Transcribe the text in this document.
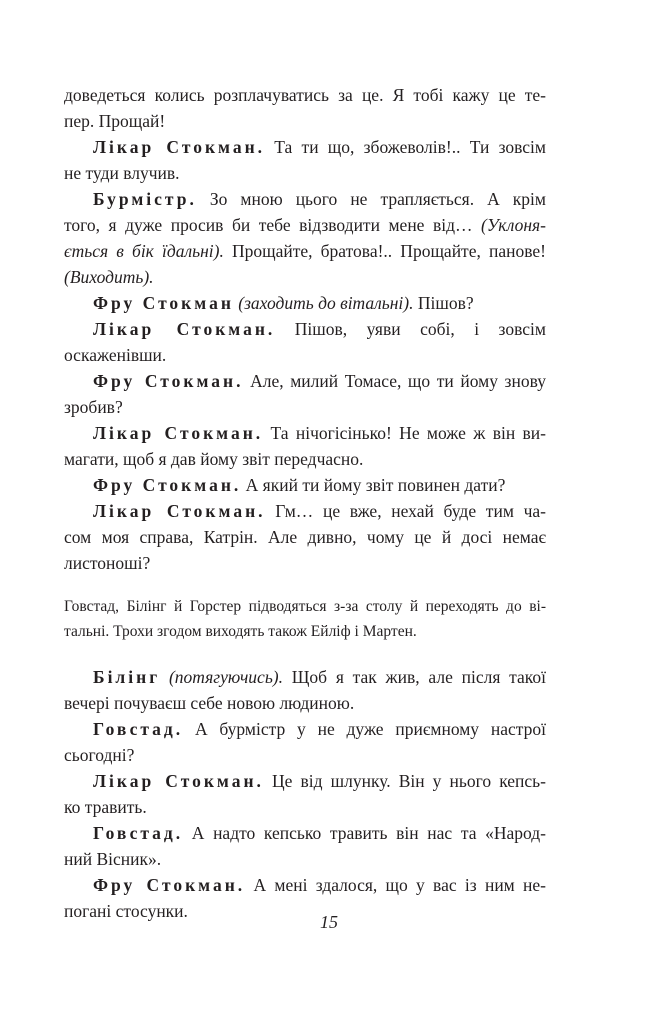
доведеться колись розплачуватись за це. Я тобі кажу це те-
пер. Прощай!
Лікар Стокман. Та ти що, збожеволів!.. Ти зовсім
не туди влучив.
Бурмістр. Зо мною цього не трапляється. А крім
того, я дуже просив би тебе відзводити мене від… (Уклоня-
ється в бік їдальні). Прощайте, братова!.. Прощайте, панове!
(Виходить).
Фру Стокман (заходить до вітальні). Пішов?
Лікар Стокман. Пішов, уяви собі, і зовсім
оскаженівши.
Фру Стокман. Але, милий Томасе, що ти йому знову
зробив?
Лікар Стокман. Та нічогісінько! Не може ж він ви-
магати, щоб я дав йому звіт передчасно.
Фру Стокман. А який ти йому звіт повинен дати?
Лікар Стокман. Гм… це вже, нехай буде тим ча-
сом моя справа, Катрін. Але дивно, чому це й досі немає
листоноші?
Говстад, Білінг й Горстер підводяться з-за столу й переходять до ві-
тальні. Трохи згодом виходять також Ейліф і Мартен.
Білінг (потягуючись). Щоб я так жив, але після такої
вечері почуваєш себе новою людиною.
Говстад. А бурмістр у не дуже приємному настрої
сьогодні?
Лікар Стокман. Це від шлунку. Він у нього кепсь-
ко травить.
Говстад. А надто кепсько травить він нас та «Народ-
ний Вісник».
Фру Стокман. А мені здалося, що у вас із ним не-
погані стосунки.
15
